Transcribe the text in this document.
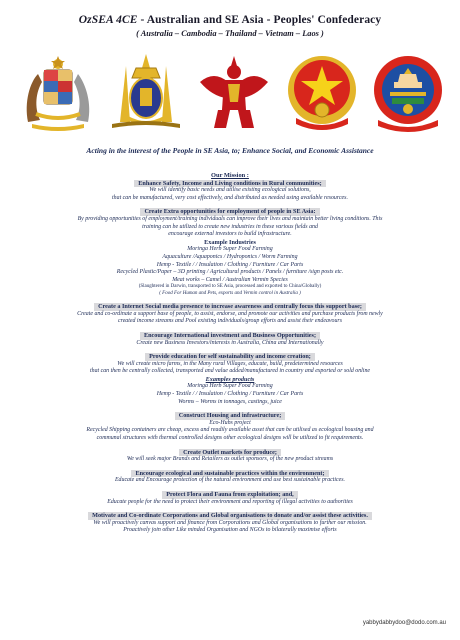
OzSEA 4CE - Australian and SE Asia - Peoples' Confederacy
( Australia – Cambodia – Thailand – Vietnam – Laos )
Acting in the interest of the People in SE Asia, to; Enhance Social, and Economic Assistance
Our Mission :
Enhance Safety, Income and Living conditions in Rural communities;
We will identify basic needs and utilise existing ecological solutions,
that can be manufactured, very cost effectively, and distributed as needed using available resources.
Create Extra opportunities for employment of people in SE Asia:
By providing opportunities of employment/training individuals can improve their lives and maintain better living conditions. This
training can be utilized to create new industries in these various fields and
encourage external investors to build infrastructure.
Example Industries
Moringa Herb Super Food Farming
Aquaculture /Aquaponics / Hydroponics / Worm Farming
Hemp - Textile / / Insulation / Clothing / Furniture / Car Parts
Recycled Plastic/Paper – 3D printing / Agricultural products / Panels / furniture /sign posts etc.
Meat works – Camel / Australian Vermin Species
(Slaughtered in Darwin, transported to SE Asia, processed and exported to China/Globally)
( Food For Human and Pets, exports and Vermin control in Australia )
Create a Internet Social media presence to increase awareness and centrally focus this support base;
Create and co-ordinate a support base of people, to assist, endorse, and promote our activities and purchase products from newly
created income streams and Pool existing individuals/group efforts and assist their endeavours
Encourage International investment and Business Opportunities;
Create new Business Investors/interests in Australia, China and Internationally
Provide education for self sustainability and income creation;
We will create micro farms, in the Many rural Villages, educate, build, predetermined resources
that can then be centrally collected, transported and value added/manufactured in country and exported or sold online
Examples products
Moringa Herb Super Food Farming
Hemp - Textile / / Insulation / Clothing / Furniture / Car Parts
Worms – Worms in tonnages, castings, juice
Construct Housing and infrastructure;
Eco-Hubs project
Recycled Shipping containers are cheap, excess and readily available asset that can be utilised as ecological housing and
communal structures with thermal controlled designs other ecological designs will be utilized to fit requirements.
Create Outlet markets for produce;
We will seek major Brands and Retailers as outlet sponsors, of the new product streams
Encourage ecological and sustainable practices within the environment;
Educate and Encourage protection of the natural environment and use best sustainable practices.
Protect Flora and Fauna from exploitation; and,
Educate people for the need to protect their environment and reporting of illegal activities to authorities
Motivate and Co-ordinate Corporations and Global organisations to donate and/or assist these activities.
We will proactively canvas support and finance from Corporations and Global organisations to further our mission.
Proactively join other Like minded Organisation and NGOs to bilaterally maximise efforts
yabbydabbydoo@dodo.com.au
